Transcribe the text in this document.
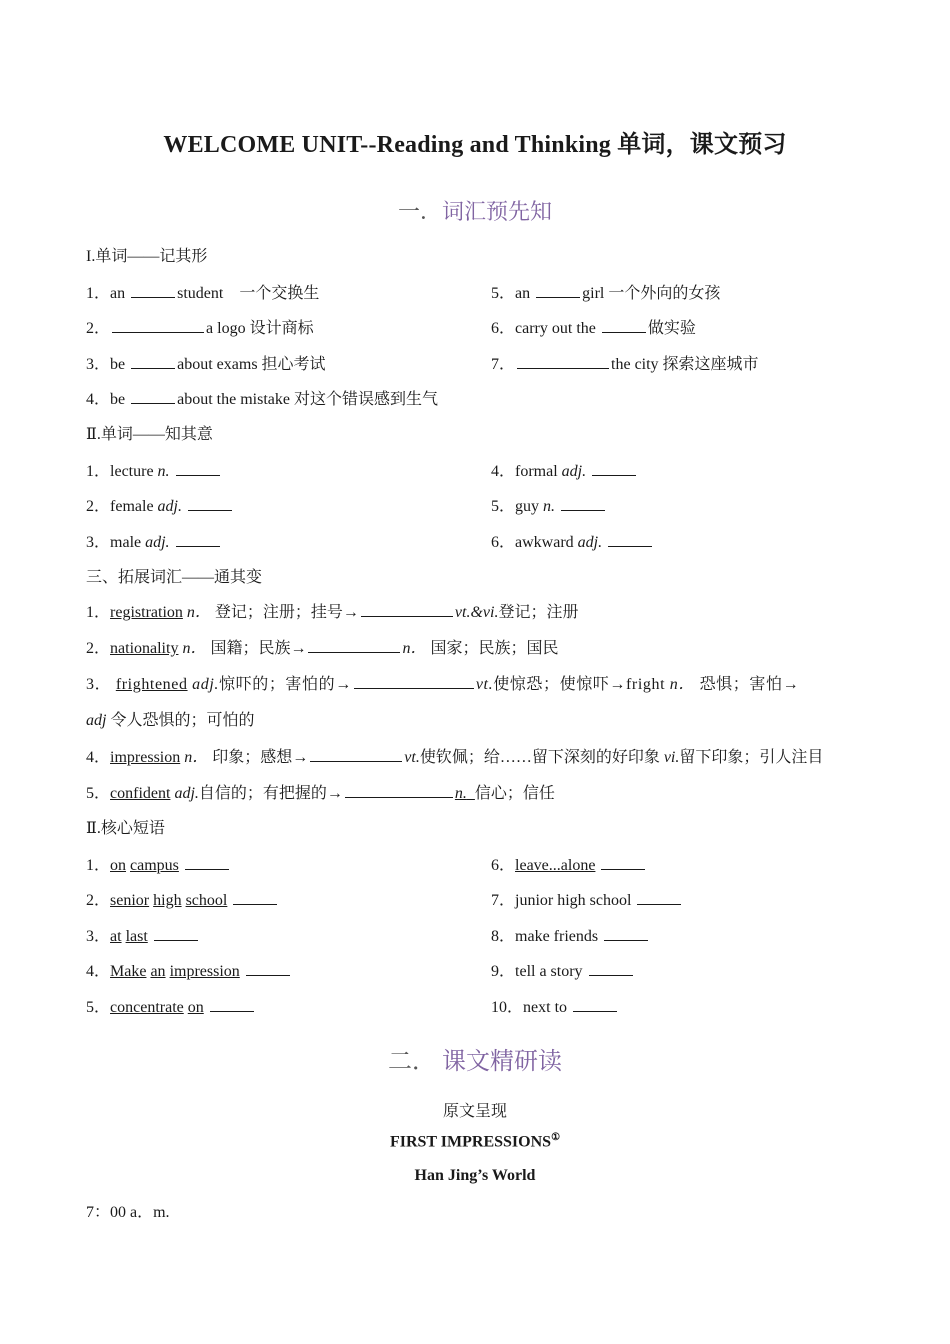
WELCOME UNIT--Reading and Thinking 单词，课文预习
一．词汇预先知
I.单词——记其形
1．an	student　一个交换生
2．	a logo 设计商标
3．be	about exams 担心考试
4．be	about the mistake 对这个错误感到生气
5．an	girl 一个外向的女孩
6．carry out the	做实验
7．	the city 探索这座城市
Ⅱ.单词——知其意
1．lecture n.
2．female adj.
3．male adj.
4．formal adj.
5．guy n.
6．awkward adj.
三、拓展词汇——通其变
1．registration n． 登记；注册；挂号→	vt.&vi.登记；注册
2．nationality n． 国籍；民族→	n． 国家；民族；国民
3． frightened adj.惊吓的；害怕的→	vt.使惊恐；使惊吓→fright n． 恐惧；害怕→
adj 令人恐惧的；可怕的
4．impression n． 印象；感想→	vt.使钦佩；给……留下深刻的好印象 vi.留下印象；引人注目
5．confident adj.自信的；有把握的→	n. 信心；信任
Ⅱ.核心短语
1．on campus
2．senior high school
3．at last
4．Make an impression
5．concentrate on
6．leave...alone
7．junior high school
8．make friends
9．tell a story
10．next to
二． 课文精研读
原文呈现
FIRST IMPRESSIONS①
Han Jing’s World
7：00 a．m.
